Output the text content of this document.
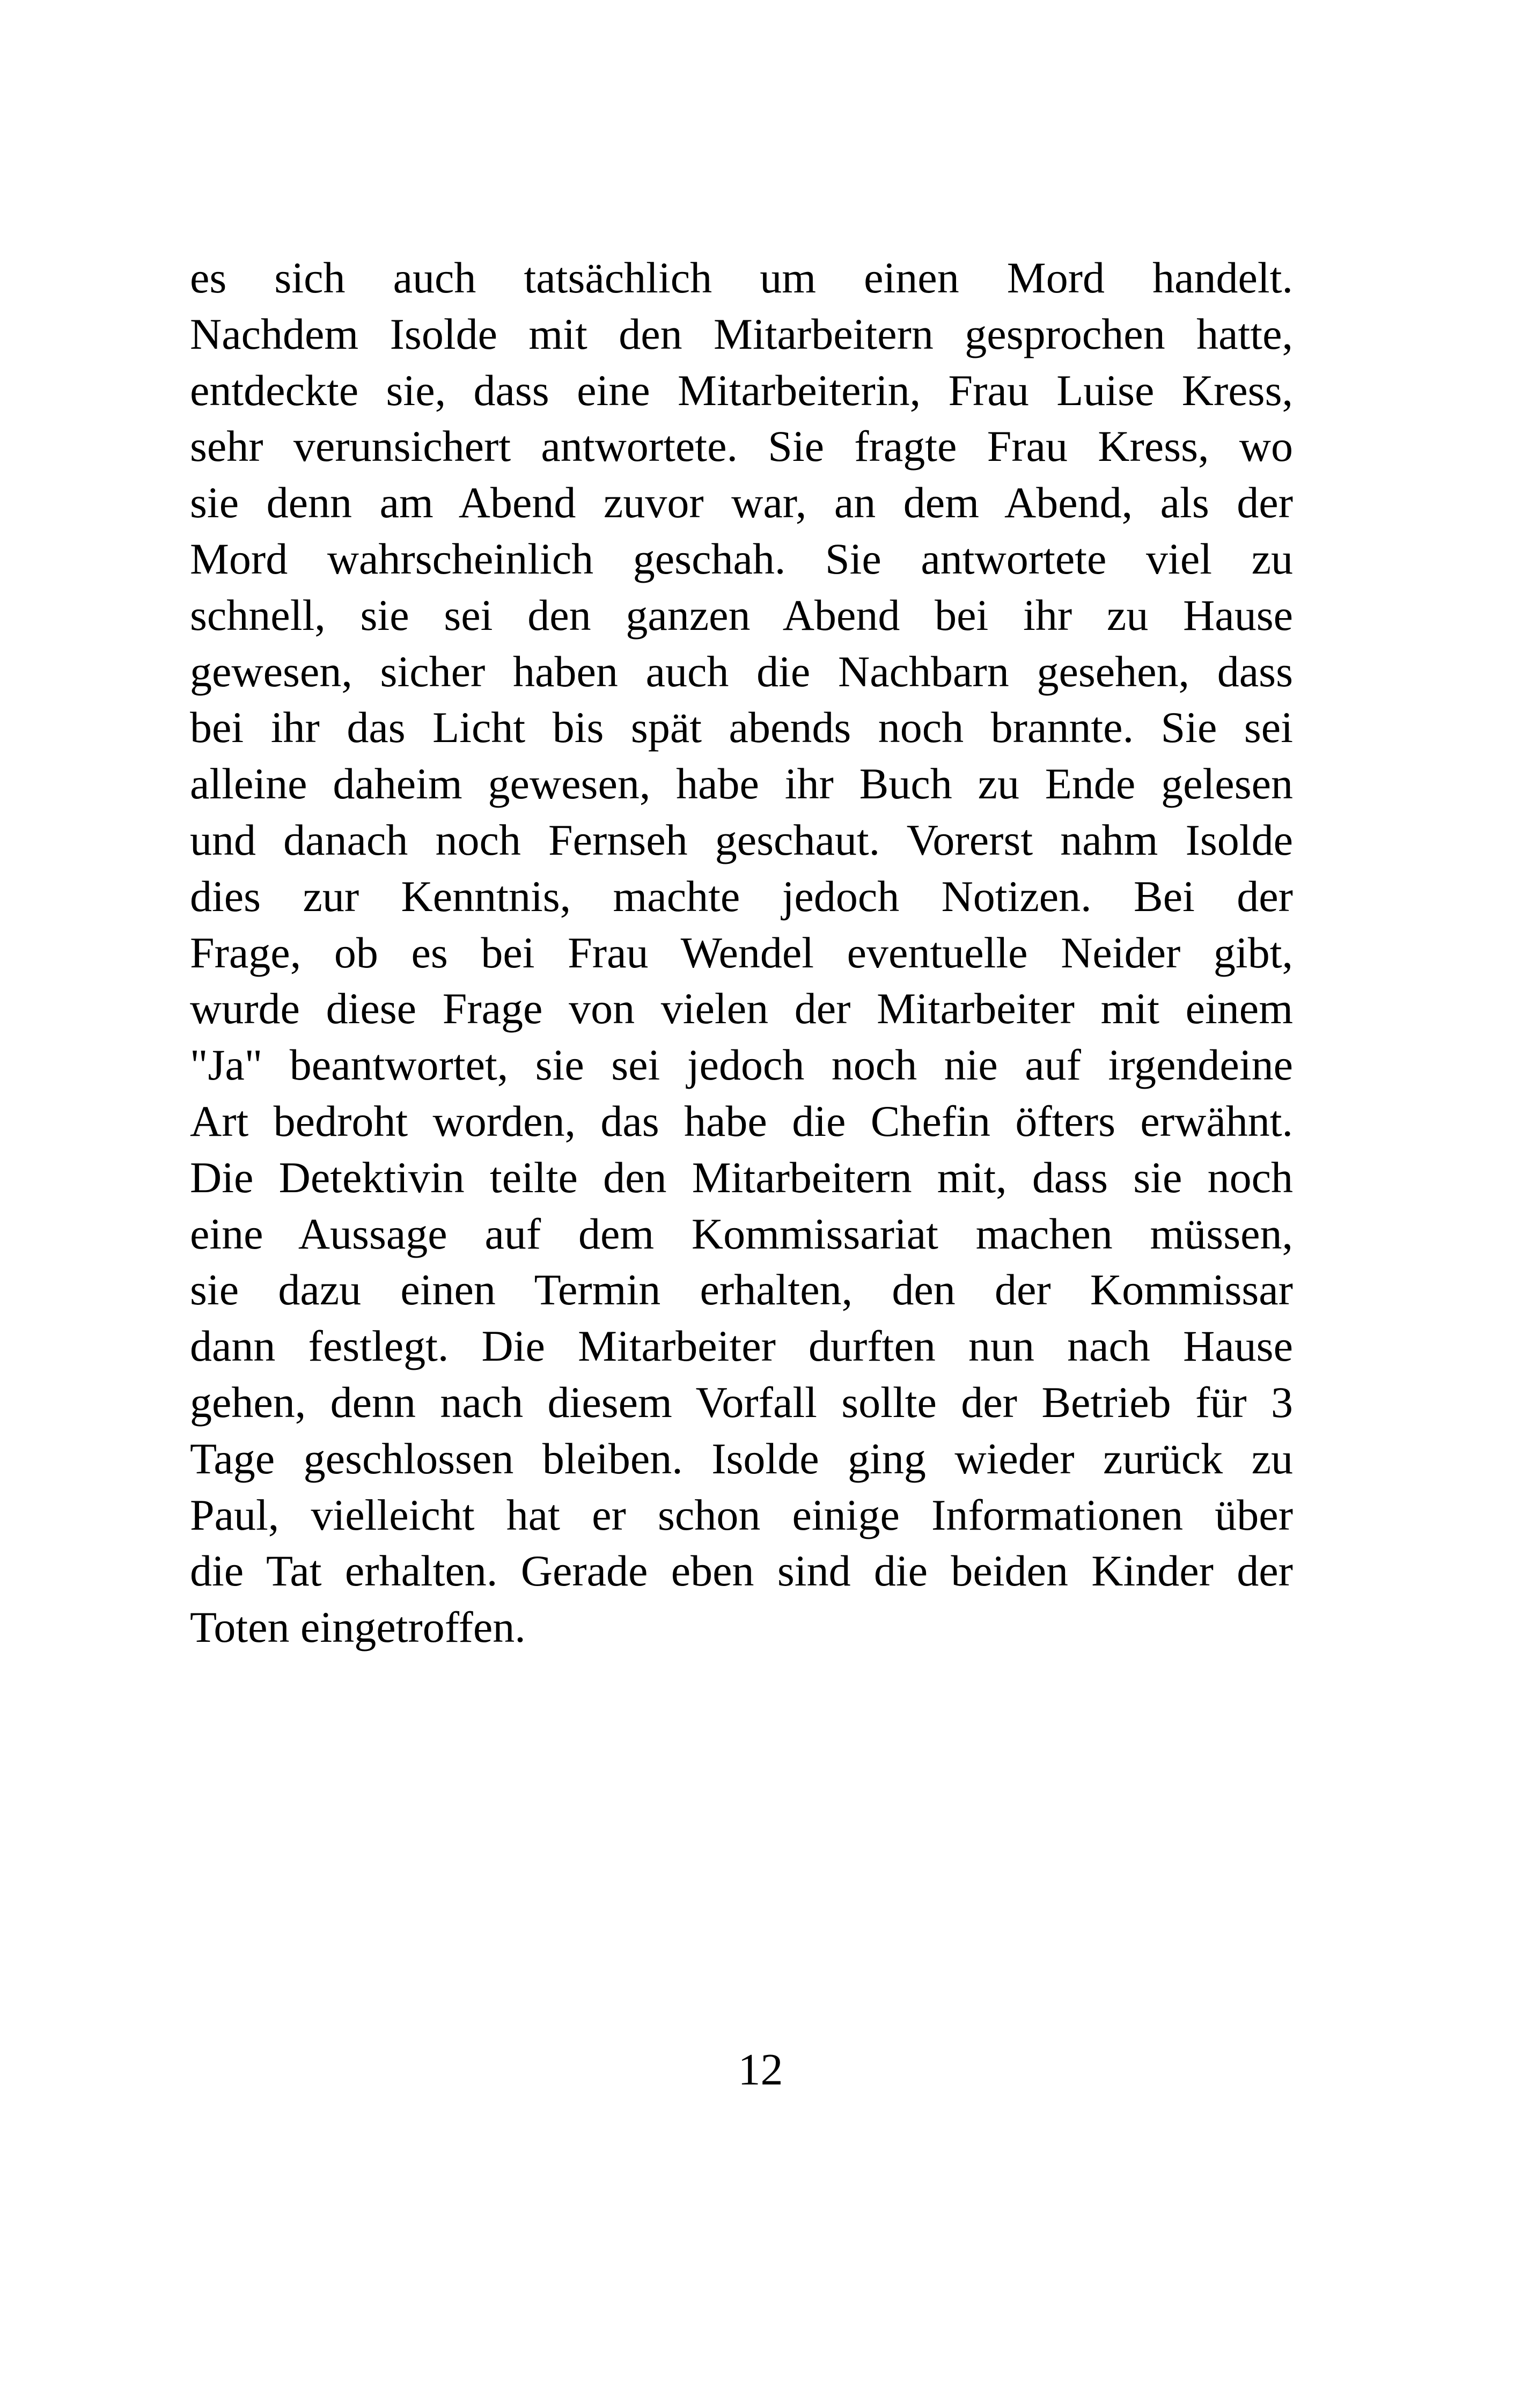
es sich auch tatsächlich um einen Mord handelt.
Nachdem Isolde mit den Mitarbeitern gesprochen hatte,
entdeckte sie, dass eine Mitarbeiterin, Frau Luise Kress,
sehr verunsichert antwortete. Sie fragte Frau Kress, wo
sie denn am Abend zuvor war, an dem Abend, als der
Mord wahrscheinlich geschah. Sie antwortete viel zu
schnell, sie sei den ganzen Abend bei ihr zu Hause
gewesen, sicher haben auch die Nachbarn gesehen, dass
bei ihr das Licht bis spät abends noch brannte. Sie sei
alleine daheim gewesen, habe ihr Buch zu Ende gelesen
und danach noch Fernseh geschaut. Vorerst nahm Isolde
dies zur Kenntnis, machte jedoch Notizen. Bei der
Frage, ob es bei Frau Wendel eventuelle Neider gibt,
wurde diese Frage von vielen der Mitarbeiter mit einem
"Ja" beantwortet, sie sei jedoch noch nie auf irgendeine
Art bedroht worden, das habe die Chefin öfters erwähnt.
Die Detektivin teilte den Mitarbeitern mit, dass sie noch
eine Aussage auf dem Kommissariat machen müssen,
sie dazu einen Termin erhalten, den der Kommissar
dann festlegt. Die Mitarbeiter durften nun nach Hause
gehen, denn nach diesem Vorfall sollte der Betrieb für 3
Tage geschlossen bleiben. Isolde ging wieder zurück zu
Paul, vielleicht hat er schon einige Informationen über
die Tat erhalten. Gerade eben sind die beiden Kinder der
Toten eingetroffen.
12
